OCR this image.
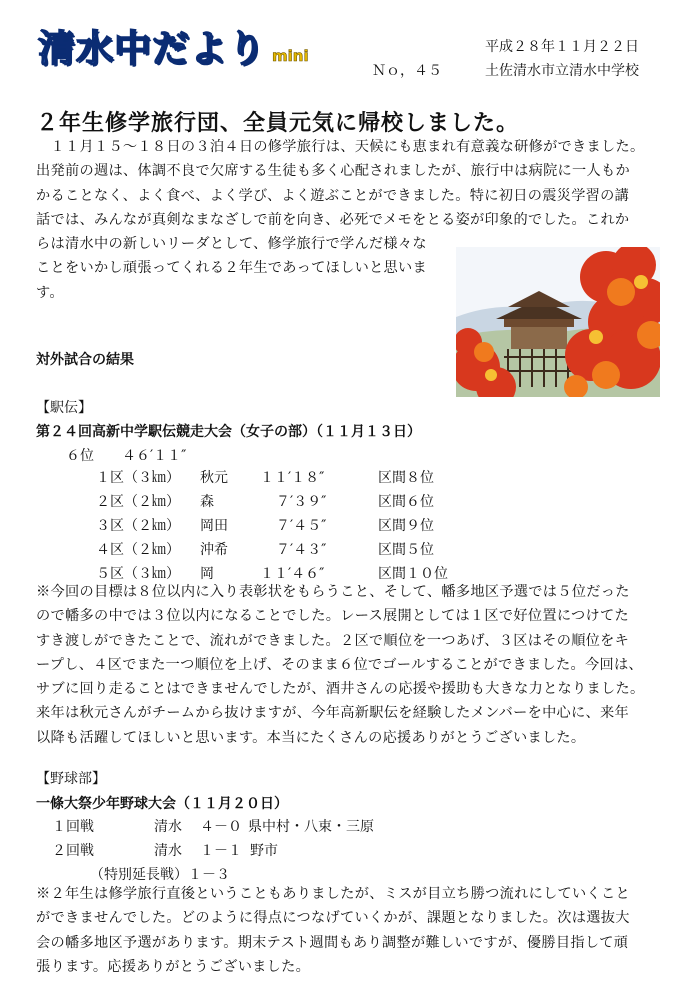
清水中だより mini	平成２８年１１月２２日
Ｎｏ，４５	土佐清水市立清水中学校
２年生修学旅行団、全員元気に帰校しました。
　１１月１５～１８日の３泊４日の修学旅行は、天候にも恵まれ有意義な研修ができました。
出発前の週は、体調不良で欠席する生徒も多く心配されましたが、旅行中は病院に一人もか
かることなく、よく食べ、よく学び、よく遊ぶことができました。特に初日の震災学習の講
話では、みんなが真剣なまなざしで前を向き、必死でメモをとる姿が印象的でした。これか
らは清水中の新しいリーダとして、修学旅行で学んだ様々な
ことをいかし頑張ってくれる２年生であってほしいと思いま
す。
対外試合の結果
【駅伝】
第２４回高新中学駅伝競走大会（女子の部）（１１月１３日）
６位　　４６′１１″
１区（３㎞） 秋元 １１′１８″	区間８位
２区（２㎞） 森	７′３９″	区間６位
３区（２㎞） 岡田	７′４５″	区間９位
４区（２㎞） 沖希	７′４３″	区間５位
５区（３㎞） 岡	１１′４６″	区間１０位
※今回の目標は８位以内に入り表彰状をもらうこと、そして、幡多地区予選では５位だった
ので幡多の中では３位以内になることでした。レース展開としては１区で好位置につけてた
すき渡しができたことで、流れができました。２区で順位を一つあげ、３区はその順位をキ
ープし、４区でまた一つ順位を上げ、そのまま６位でゴールすることができました。今回は、
サブに回り走ることはできませんでしたが、酒井さんの応援や援助も大きな力となりました。
来年は秋元さんがチームから抜けますが、今年高新駅伝を経験したメンバーを中心に、来年
以降も活躍してほしいと思います。本当にたくさんの応援ありがとうございました。
【野球部】
一條大祭少年野球大会（１１月２０日）
１回戦	清水 ４－０ 県中村・八束・三原
２回戦	清水 １－１ 野市
（特別延長戦）１－３
※２年生は修学旅行直後ということもありましたが、ミスが目立ち勝つ流れにしていくこと
ができませんでした。どのように得点につなげていくかが、課題となりました。次は選抜大
会の幡多地区予選があります。期末テスト週間もあり調整が難しいですが、優勝目指して頑
張ります。応援ありがとうございました。
